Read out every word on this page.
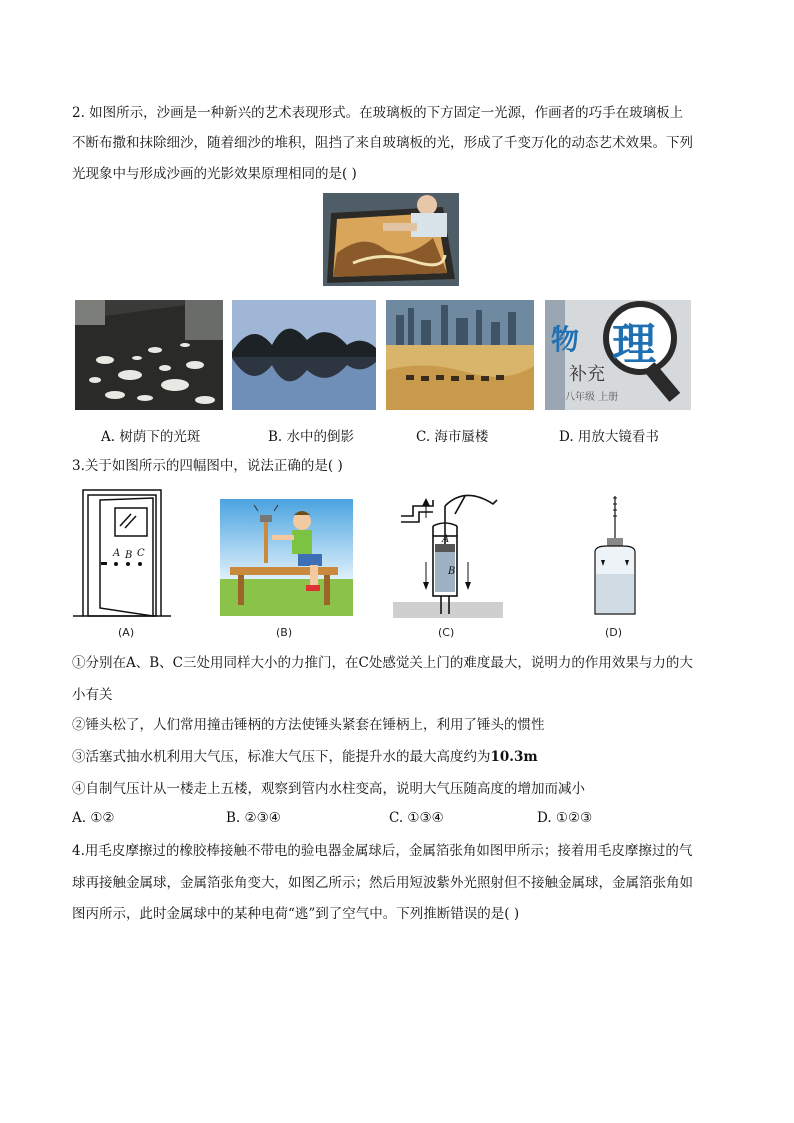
2. 如图所示，沙画是一种新兴的艺术表现形式。在玻璃板的下方固定一光源，作画者的巧手在玻璃板上
不断布撒和抹除细沙，随着细沙的堆积，阻挡了来自玻璃板的光，形成了千变万化的动态艺术效果。下列
光现象中与形成沙画的光影效果原理相同的是( )
理
物
补充
八年级 上册
A. 树荫下的光斑	B. 水中的倒影	C. 海市蜃楼	D. 用放大镜看书
3.关于如图所示的四幅图中，说法正确的是( )
A B C
(A)	(B)
A
B
(C)	(D)
①分别在A、B、C三处用同样大小的力推门，在C处感觉关上门的难度最大，说明力的作用效果与力的大
小有关
②锤头松了，人们常用撞击锤柄的方法使锤头紧套在锤柄上，利用了锤头的惯性
③活塞式抽水机利用大气压，标准大气压下，能提升水的最大高度约为10.3m
④自制气压计从一楼走上五楼，观察到管内水柱变高，说明大气压随高度的增加而减小
A. ①②	B. ②③④	C. ①③④	D. ①②③
4.用毛皮摩擦过的橡胶棒接触不带电的验电器金属球后，金属箔张角如图甲所示；接着用毛皮摩擦过的气
球再接触金属球，金属箔张角变大，如图乙所示；然后用短波紫外光照射但不接触金属球，金属箔张角如
图丙所示，此时金属球中的某种电荷“逃”到了空气中。下列推断错误的是( )
